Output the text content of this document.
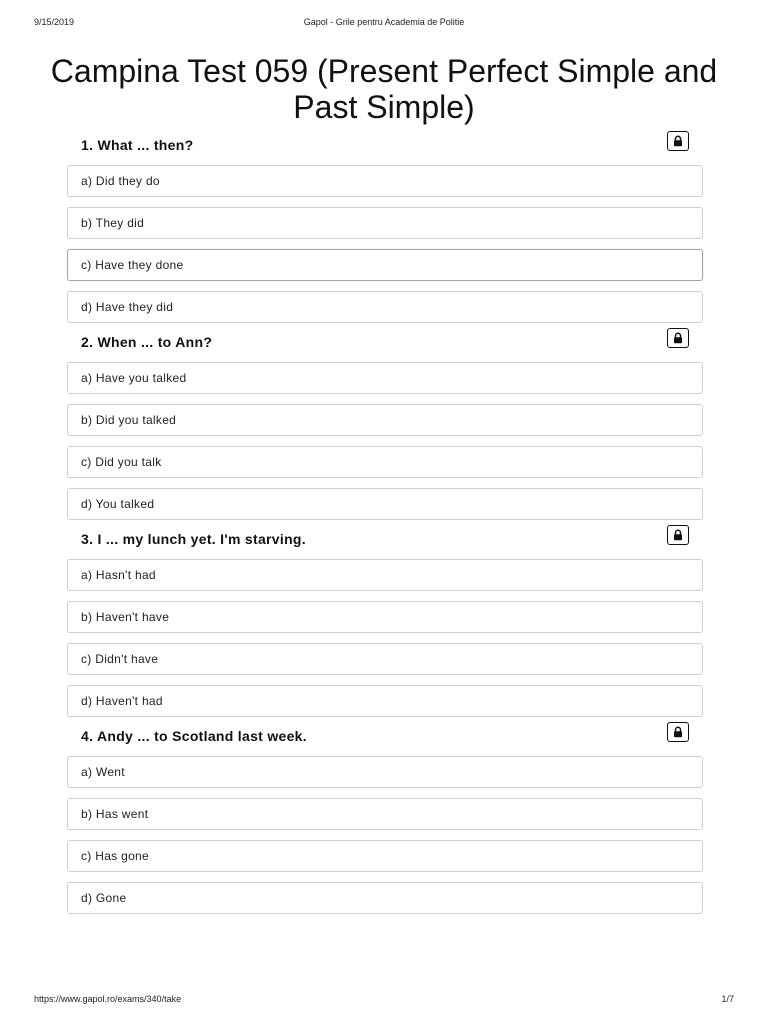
9/15/2019	Gapol - Grile pentru Academia de Politie
Campina Test 059 (Present Perfect Simple and Past Simple)
1. What ... then?
a) Did they do
b) They did
c) Have they done
d) Have they did
2. When ... to Ann?
a) Have you talked
b) Did you talked
c) Did you talk
d) You talked
3. I ... my lunch yet. I'm starving.
a) Hasn't had
b) Haven't have
c) Didn't have
d) Haven't had
4. Andy ... to Scotland last week.
a) Went
b) Has went
c) Has gone
d) Gone
https://www.gapol.ro/exams/340/take	1/7
